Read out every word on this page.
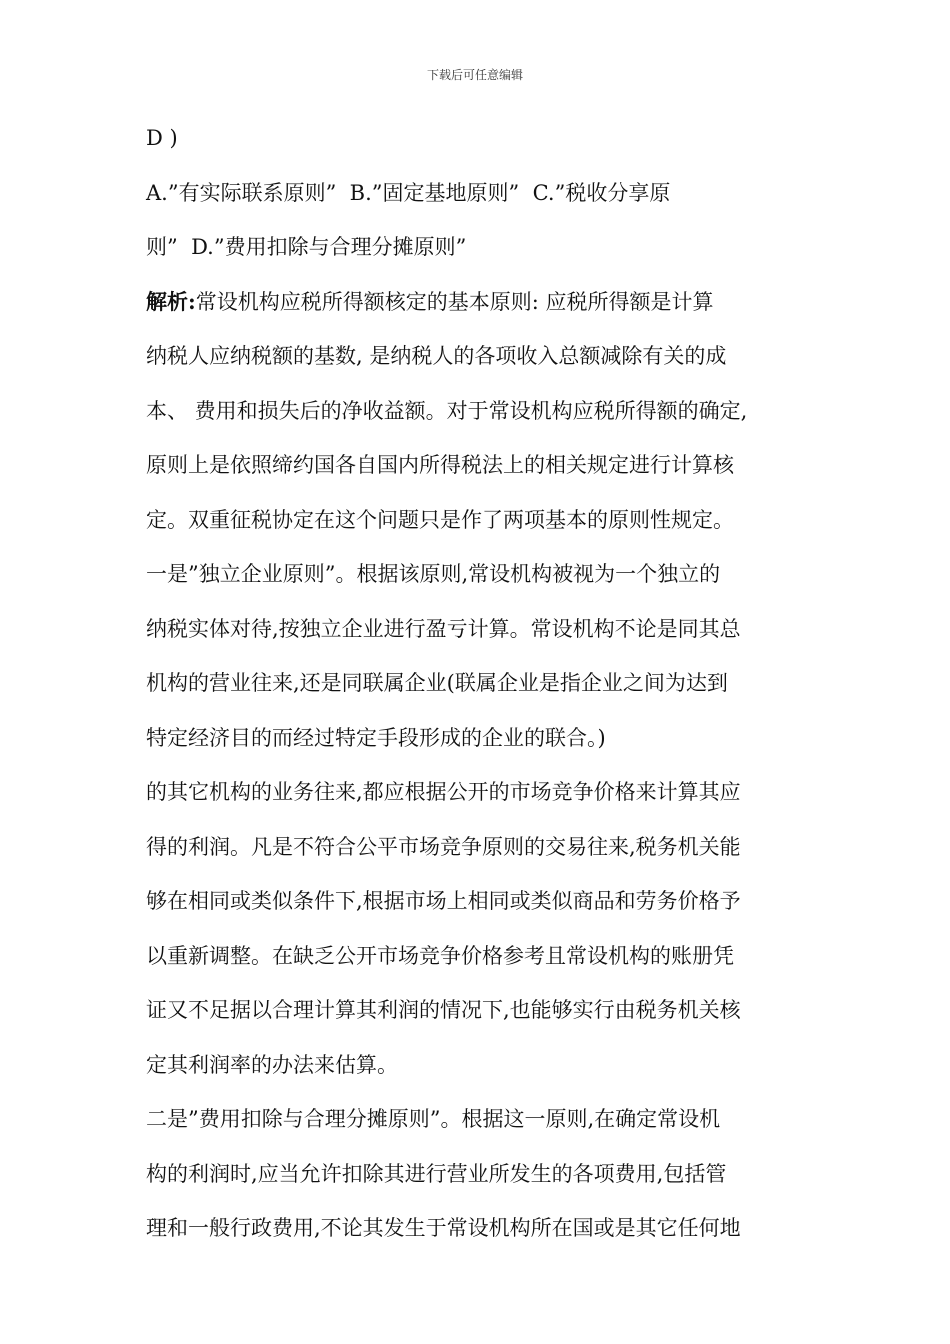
下载后可任意编辑
D )
A.”有实际联系原则”  B.”固定基地原则”  C.”税收分享原
则”  D.”费用扣除与合理分摊原则”
解析:常设机构应税所得额核定的基本原则: 应税所得额是计算
纳税人应纳税额的基数, 是纳税人的各项收入总额减除有关的成
本、 费用和损失后的净收益额。对于常设机构应税所得额的确定,
原则上是依照缔约国各自国内所得税法上的相关规定进行计算核
定。双重征税协定在这个问题只是作了两项基本的原则性规定。
一是”独立企业原则”。根据该原则,常设机构被视为一个独立的
纳税实体对待,按独立企业进行盈亏计算。常设机构不论是同其总
机构的营业往来,还是同联属企业(联属企业是指企业之间为达到
特定经济目的而经过特定手段形成的企业的联合。)
的其它机构的业务往来,都应根据公开的市场竞争价格来计算其应
得的利润。凡是不符合公平市场竞争原则的交易往来,税务机关能
够在相同或类似条件下,根据市场上相同或类似商品和劳务价格予
以重新调整。在缺乏公开市场竞争价格参考且常设机构的账册凭
证又不足据以合理计算其利润的情况下,也能够实行由税务机关核
定其利润率的办法来估算。
二是”费用扣除与合理分摊原则”。根据这一原则,在确定常设机
构的利润时,应当允许扣除其进行营业所发生的各项费用,包括管
理和一般行政费用,不论其发生于常设机构所在国或是其它任何地
